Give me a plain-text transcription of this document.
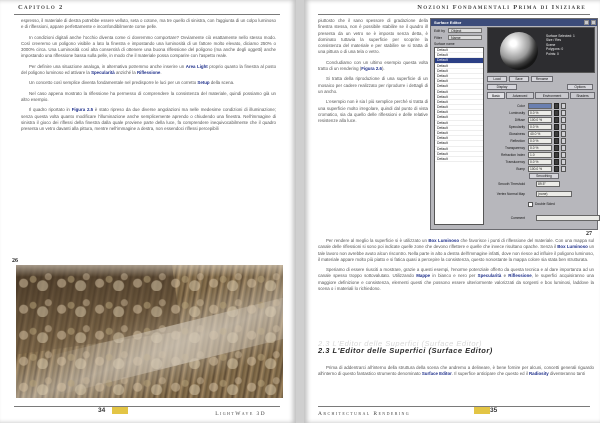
Capitolo 2

espresso, il materiale di destra potrebbe essere velluto, seta o cotone, ma tre quello di sinistra, con l'aggiunta di un colpo luminoso e di riflessioni, appare perfettamente e inconfondibilmente come pelle.

In condizioni digitali anche l'occhio diventa come ci dovremmo comportare? Ovviamente ciò esattamente nello stesso modo. Così creeremo un poligono visibile a lato la finestra e impostando una luminosità di un fattore molto elevato, diciamo 250% o 3000% circa. Una Luminosità così alta consentirà di ottenere una buona riflessione del poligono (ma anche degli oggetti) anche impostando una riflessione bassa sulla pelle, in modo che il materiale possa comparire con l'aspetto reale.

Per definire una situazione analoga, in alternativa potremmo anche inserire un Area Light proprio quanto la finestra al posto del poligono luminoso ed attivare la Specularità anziché la Riflessione.

Un concetto così semplice diventa fondamentale nel predisporre le luci per un corretto Setup della scena.

Nel caso appena mostrato la riflessione ha permesso di comprendere la consistenza del materiale, quindi possiamo già un altro esempio.

Il quadro riportato in Figura 2.5 è stato ripreso da due diverse angolazioni ma nelle medesime condizioni di illuminazione; senza questa volta quanto modificare l'illuminazione anche semplicemente aprendo o chiudendo una finestra. Nell'immagine di sinistra il gioco dei riflessi della finestra dalla quale proviene parte della luce, fa comprendere inequivocabilmente che il quadro presenta un vetro davanti alla pittura, mentre nell'immagine a destra, non essendoci riflessi percepibili

26
34	LightWave 3D
Nozioni Fondamentali Prima di Iniziare

piuttosto che il sano spessore di gradazione della finestra stessa, non è possibile stabilire se il quadro ill presenta da un vetro se è imposto senza detta, è dominato tuttavia la superficie per scoprire la consistenza del materiale e per stabilire se si tratta di una pittura o di una tela o vetro.

Concludiamo con un ultimo esempio questa volta tratto di un rendering (Figura 2.6).

Si tratta della riproduzione di una superficie di un mosaico per cadere realizzato per riprodurre i dettagli di un ancho.

L'esempio non è sia l più semplice perché si tratta di una superficie molto irregolare, quindi dal punto di vista cromatico, sia da quello delle riflessioni e delle relative resistenze alla luce.

Surface Editor
Edit by	Object
Filter	Name
Surface name
Default
Default
Default
Default
Default
Default
Default
Default
Default
Default
Default
Default
Default
Default
Default
Default
Default
Default
Default
Default
Default
Default
Surface Selected: 1
Size / Res
Scene
Polygons: 0
Points: 0
Load	Save	Rename
Display	Options
Basic	Advanced	Environment	Shaders
Color
Luminosity	0.0 %
Diffuse	100.0 %
Specularity	0.0 %
Glossiness	40.0 %
Reflection	0.0 %
Transparency	0.0 %
Refraction Index	1.0
Translucency	0.0 %
Bump	100.0 %
Smoothing
Smooth Threshold	89.5°
Vertex Normal Map	(none)
Double Sided
Comment
27

Per rendere al meglio la superficie si è utilizzato un Box Luminoso che favorisce i punti di riflessione del materiale. Con una mappa sul canale delle riflessioni si sono poi indicate quelle zone che devono riflettere e quelle che invece risultano opache. Senza il Box Luminoso un tale lavoro non avrebbe avuto alcun riscontro. Nella parte in alto a destra dell'immagine infatti, dove non riesce ad influire il poligono luminoso, il materiale appare molto più piatto e si fatica quasi a percepire la consistenza, questo nonostante la mappa colore sia stata ben strutturata.

Speriamo di essere riusciti a mostrare, grazie a questi esempi, l'enorme potenziale offerto da questa tecnica e al dare importanza ad un canale spesso troppo sottovalutato. Utilizzando Mappe in bianco e nero per Specularità e Riflessione, le superfici acquisiranno una maggiore definizione e consistenza, elementi questi che possono essere ulteriormente valorizzati da sorgenti e box luminosi, laddove la scena o i materiali lo richiedono.

2.3 L'Editor delle Superfici (Surface Editor)
2.3 L'Editor delle Superfici (Surface Editor)

Prima di addentrarci all'interno della struttura della scena che andremo a delineare, è bene fornire per alcuni, concetti generali riguardo all'interno di questo fantastico strumento denominato Surface Editor. Il superfice anticipare che questo ed il Radiosity diventeranno tanti

Architectural Rendering	35
